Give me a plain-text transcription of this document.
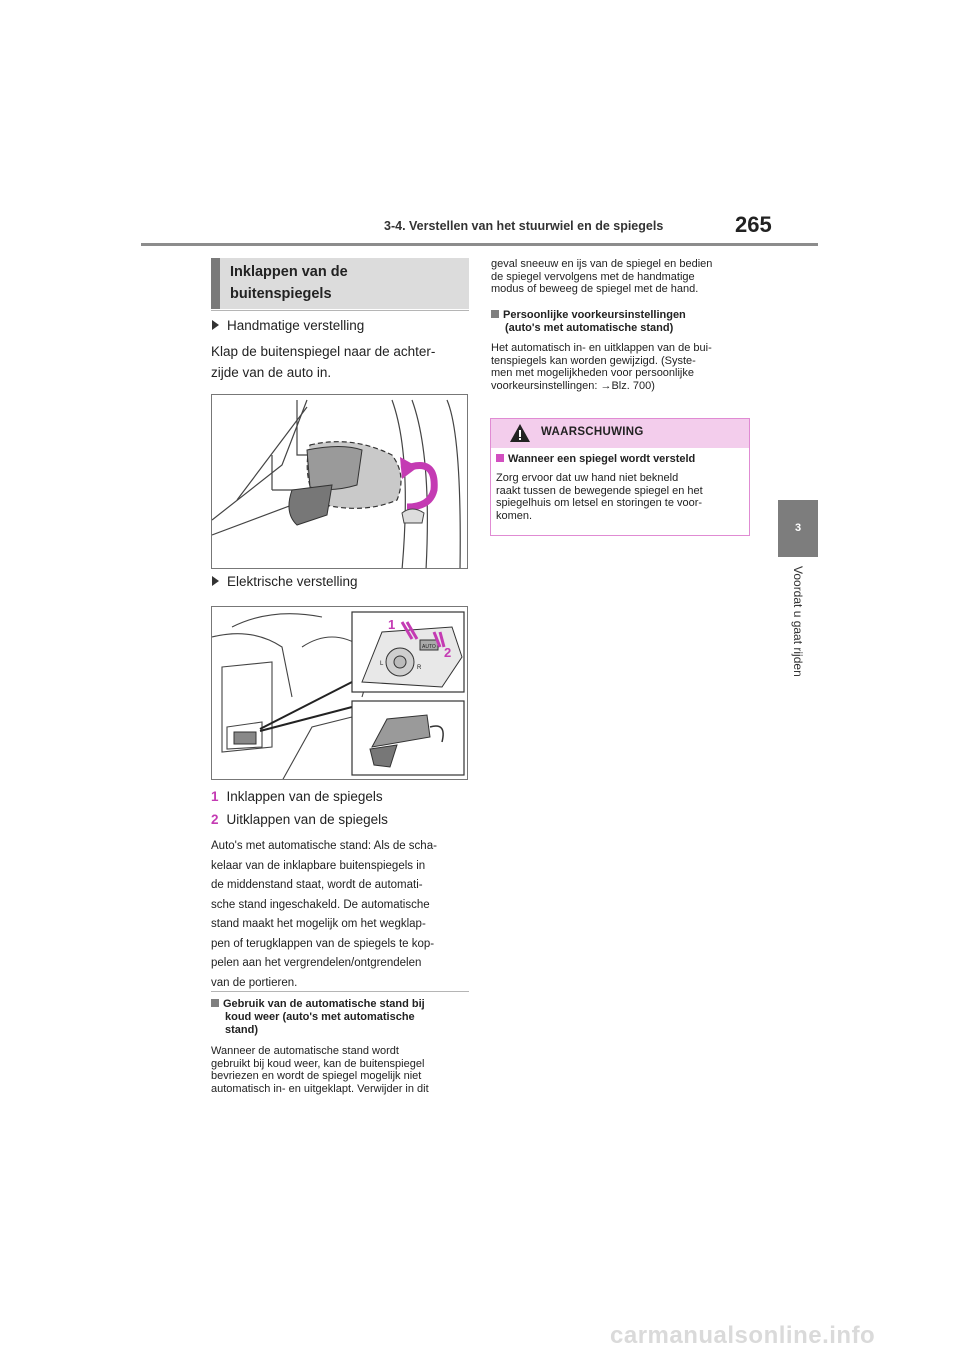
3-4. Verstellen van het stuurwiel en de spiegels	265
3
Voordat u gaat rijden
Inklappen van de
buitenspiegels
Handmatige verstelling
Klap de buitenspiegel naar de achter-
zijde van de auto in.
Elektrische verstelling
AUTO
L
R
1
2
1 Inklappen van de spiegels
2 Uitklappen van de spiegels
Auto's met automatische stand: Als de scha-
kelaar van de inklapbare buitenspiegels in
de middenstand staat, wordt de automati-
sche stand ingeschakeld. De automatische
stand maakt het mogelijk om het wegklap-
pen of terugklappen van de spiegels te kop-
pelen aan het vergrendelen/ontgrendelen
van de portieren.
Gebruik van de automatische stand bij
koud weer (auto's met automatische
stand)
Wanneer de automatische stand wordt
gebruikt bij koud weer, kan de buitenspiegel
bevriezen en wordt de spiegel mogelijk niet
automatisch in- en uitgeklapt. Verwijder in dit
geval sneeuw en ijs van de spiegel en bedien
de spiegel vervolgens met de handmatige
modus of beweeg de spiegel met de hand.
Persoonlijke voorkeursinstellingen
(auto's met automatische stand)
Het automatisch in- en uitklappen van de bui-
tenspiegels kan worden gewijzigd. (Syste-
men met mogelijkheden voor persoonlijke
voorkeursinstellingen: →Blz. 700)
WAARSCHUWING
Wanneer een spiegel wordt versteld
Zorg ervoor dat uw hand niet bekneld
raakt tussen de bewegende spiegel en het
spiegelhuis om letsel en storingen te voor-
komen.
carmanualsonline.info
